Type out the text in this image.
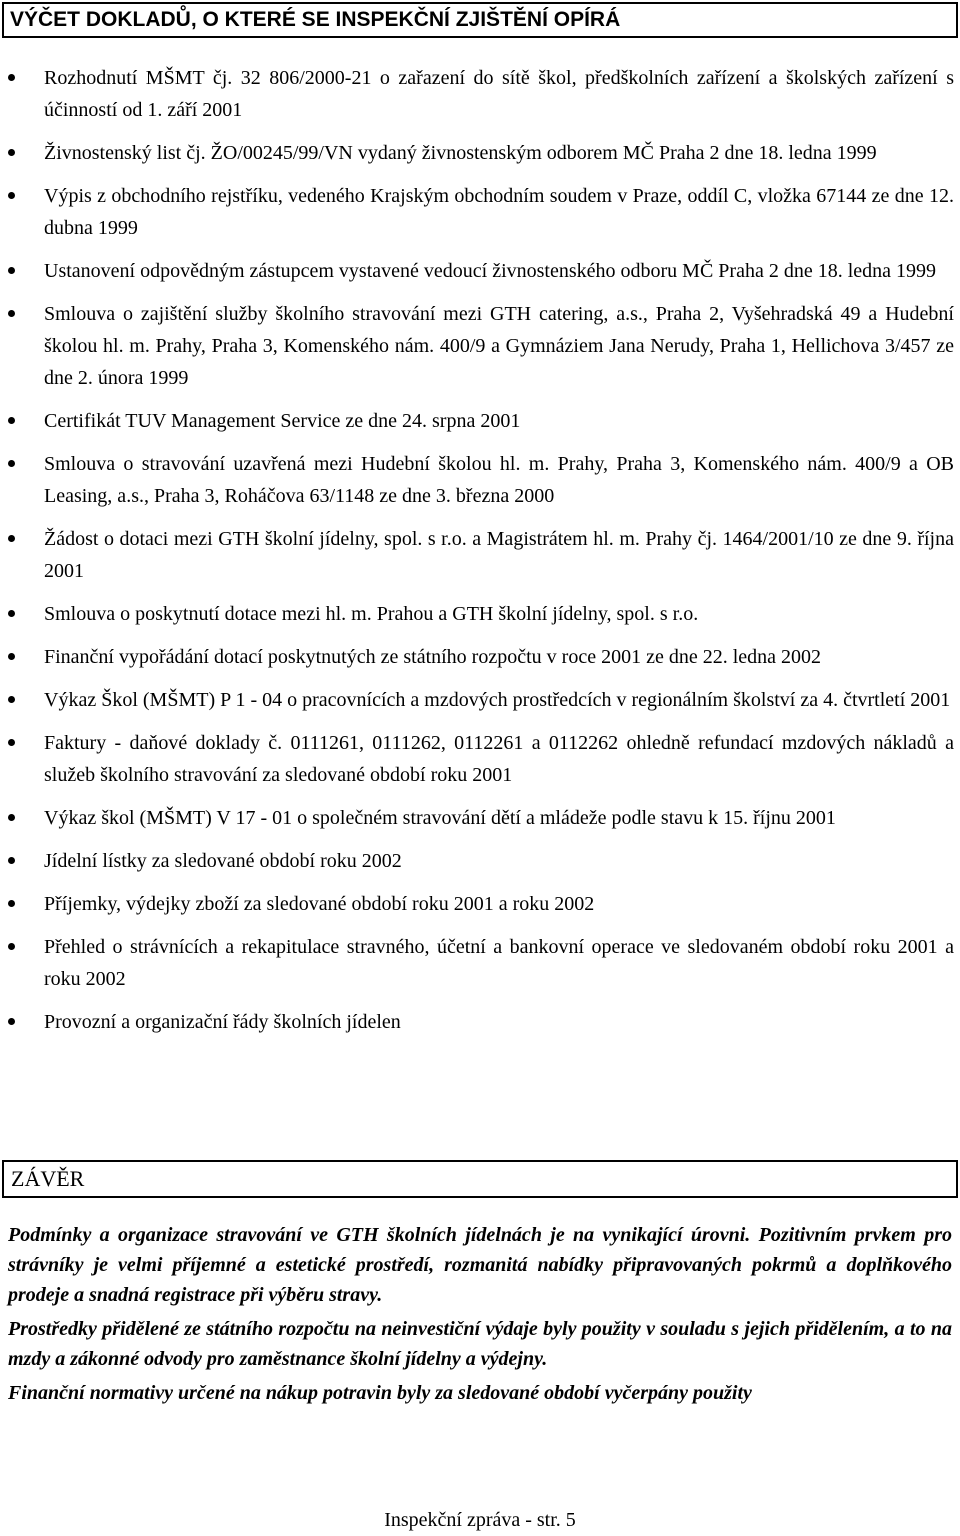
VÝČET DOKLADŮ, O KTERÉ SE INSPEKČNÍ ZJIŠTĚNÍ OPÍRÁ
Rozhodnutí MŠMT čj. 32 806/2000-21 o zařazení do sítě škol, předškolních zařízení a školských zařízení s účinností od 1. září 2001
Živnostenský list čj. ŽO/00245/99/VN vydaný živnostenským odborem MČ Praha 2 dne 18. ledna 1999
Výpis z obchodního rejstříku, vedeného Krajským obchodním soudem v Praze, oddíl C, vložka 67144 ze dne 12. dubna 1999
Ustanovení odpovědným zástupcem vystavené vedoucí živnostenského odboru MČ Praha 2 dne 18. ledna 1999
Smlouva o zajištění služby školního stravování mezi GTH catering, a.s., Praha 2, Vyšehradská 49 a Hudební školou hl. m. Prahy, Praha 3, Komenského nám. 400/9 a Gymnáziem Jana Nerudy, Praha 1, Hellichova 3/457 ze dne 2. února 1999
Certifikát TUV Management Service ze dne 24. srpna 2001
Smlouva o stravování uzavřená mezi Hudební školou hl. m. Prahy, Praha 3, Komenského nám. 400/9 a OB Leasing, a.s., Praha 3, Roháčova 63/1148 ze dne 3. března 2000
Žádost o dotaci mezi GTH školní jídelny, spol. s r.o. a Magistrátem hl. m. Prahy čj. 1464/2001/10 ze dne 9. října 2001
Smlouva o poskytnutí dotace mezi hl. m. Prahou a GTH školní jídelny, spol. s r.o.
Finanční vypořádání dotací poskytnutých ze státního rozpočtu v roce 2001 ze dne 22. ledna 2002
Výkaz Škol (MŠMT) P 1 - 04 o pracovnících a mzdových prostředcích v regionálním školství za 4. čtvrtletí 2001
Faktury - daňové doklady č. 0111261, 0111262, 0112261 a 0112262 ohledně refundací mzdových nákladů a služeb školního stravování za sledované období roku 2001
Výkaz škol (MŠMT) V 17 - 01 o společném stravování dětí a mládeže podle stavu k 15. říjnu 2001
Jídelní lístky za sledované období roku 2002
Příjemky, výdejky zboží za sledované období roku 2001 a roku 2002
Přehled o strávnících a rekapitulace stravného, účetní a bankovní operace ve sledovaném období roku 2001 a roku 2002
Provozní a organizační řády školních jídelen
ZÁVĚR

Podmínky a organizace stravování ve GTH školních jídelnách je na vynikající úrovni. Pozitivním prvkem pro strávníky je velmi příjemné a estetické prostředí, rozmanitá nabídky připravovaných pokrmů a doplňkového prodeje a snadná registrace při výběru stravy.

Prostředky přidělené ze státního rozpočtu na neinvestiční výdaje byly použity v souladu s jejich přidělením, a to na mzdy a zákonné odvody pro zaměstnance školní jídelny a výdejny.

Finanční normativy určené na nákup potravin byly za sledované období vyčerpány použity

Inspekční zpráva - str. 5
